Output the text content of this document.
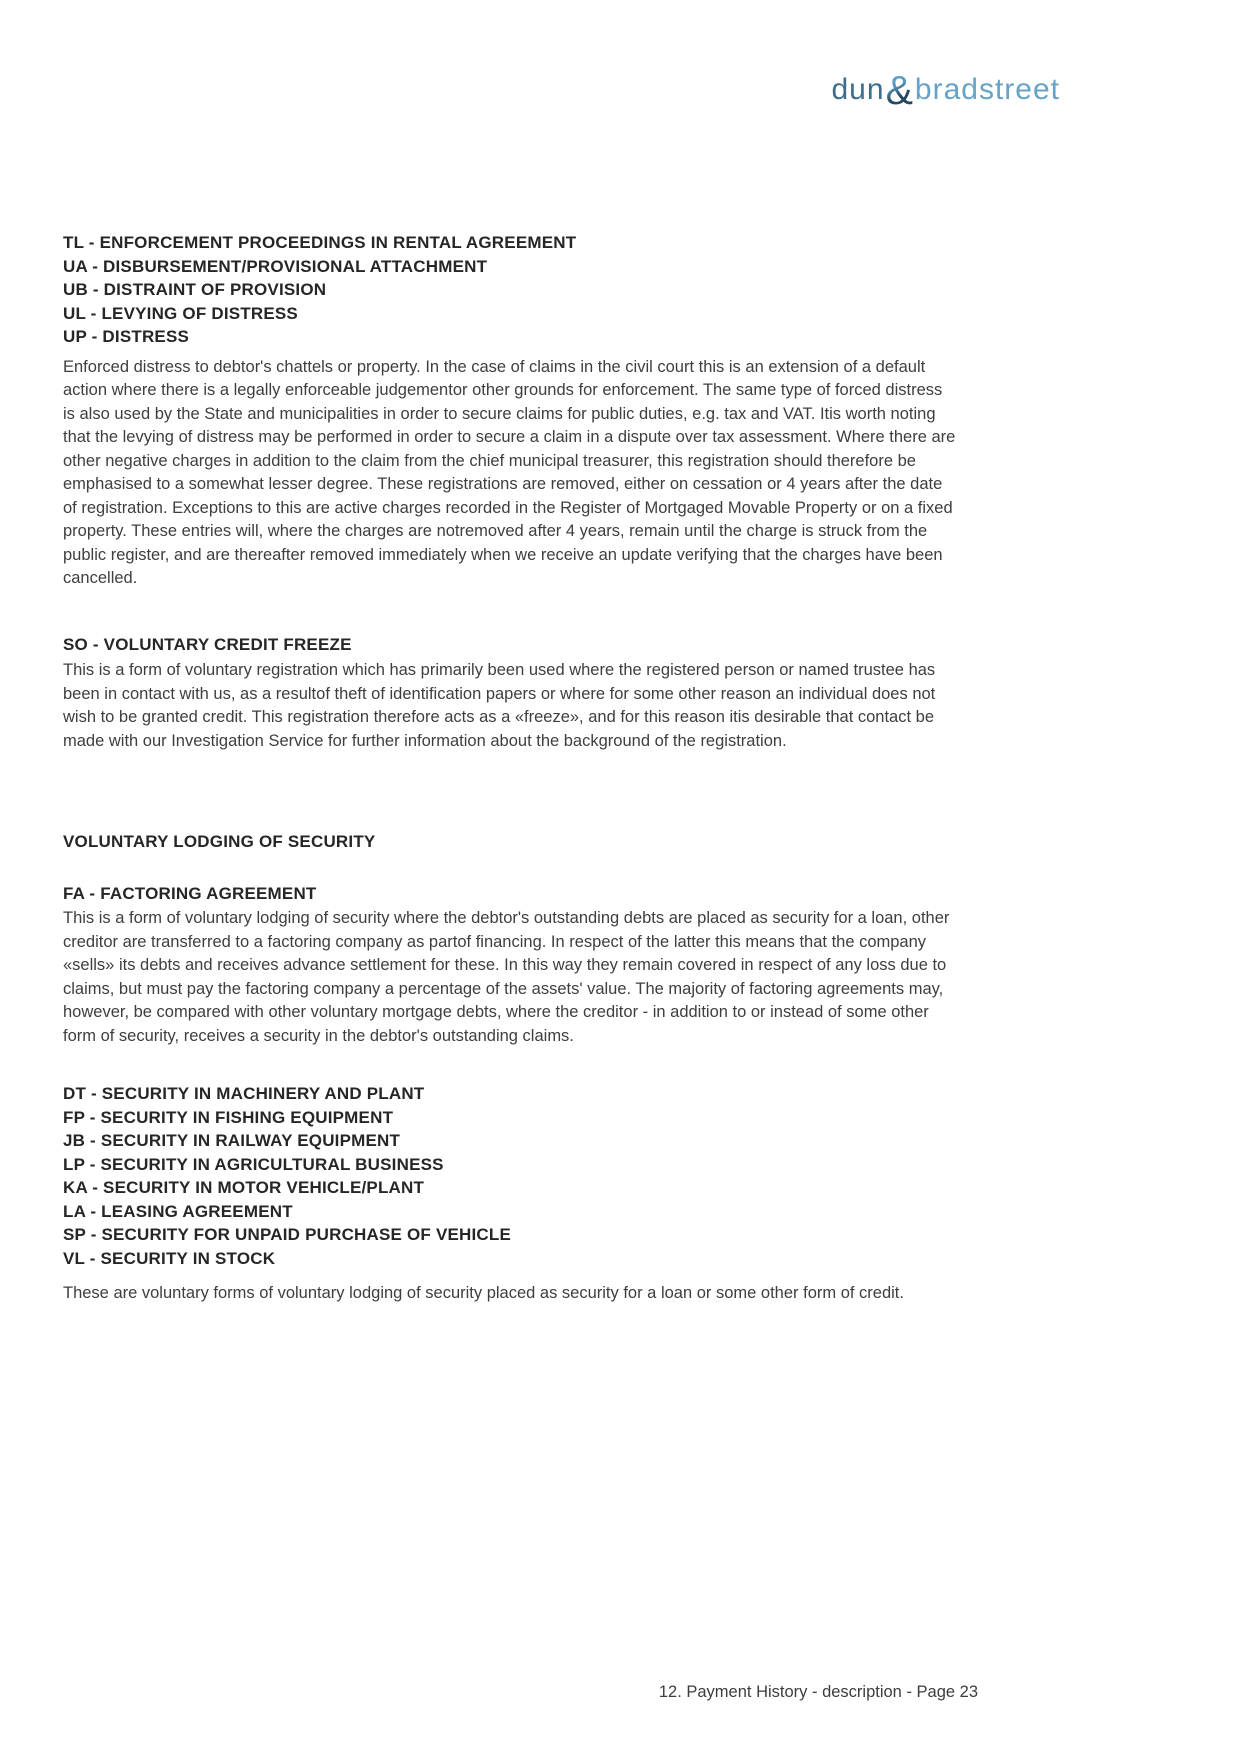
dun&bradstreet
TL - ENFORCEMENT PROCEEDINGS IN RENTAL AGREEMENT
UA - DISBURSEMENT/PROVISIONAL ATTACHMENT
UB - DISTRAINT OF PROVISION
UL - LEVYING OF DISTRESS
UP - DISTRESS

Enforced distress to debtor's chattels or property. In the case of claims in the civil court this is an extension of a default action where there is a legally enforceable judgementor other grounds for enforcement. The same type of forced distress is also used by the State and municipalities in order to secure claims for public duties, e.g. tax and VAT. Itis worth noting that the levying of distress may be performed in order to secure a claim in a dispute over tax assessment. Where there are other negative charges in addition to the claim from the chief municipal treasurer, this registration should therefore be emphasised to a somewhat lesser degree. These registrations are removed, either on cessation or 4 years after the date of registration. Exceptions to this are active charges recorded in the Register of Mortgaged Movable Property or on a fixed property. These entries will, where the charges are notremoved after 4 years, remain until the charge is struck from the public register, and are thereafter removed immediately when we receive an update verifying that the charges have been cancelled.

SO - VOLUNTARY CREDIT FREEZE

This is a form of voluntary registration which has primarily been used where the registered person or named trustee has been in contact with us, as a resultof theft of identification papers or where for some other reason an individual does not wish to be granted credit. This registration therefore acts as a «freeze», and for this reason itis desirable that contact be made with our Investigation Service for further information about the background of the registration.

VOLUNTARY LODGING OF SECURITY
FA - FACTORING AGREEMENT

This is a form of voluntary lodging of security where the debtor's outstanding debts are placed as security for a loan, other creditor are transferred to a factoring company as partof financing. In respect of the latter this means that the company «sells» its debts and receives advance settlement for these. In this way they remain covered in respect of any loss due to claims, but must pay the factoring company a percentage of the assets' value. The majority of factoring agreements may, however, be compared with other voluntary mortgage debts, where the creditor - in addition to or instead of some other form of security, receives a security in the debtor's outstanding claims.

DT - SECURITY IN MACHINERY AND PLANT
FP - SECURITY IN FISHING EQUIPMENT
JB - SECURITY IN RAILWAY EQUIPMENT
LP - SECURITY IN AGRICULTURAL BUSINESS
KA - SECURITY IN MOTOR VEHICLE/PLANT
LA - LEASING AGREEMENT
SP - SECURITY FOR UNPAID PURCHASE OF VEHICLE
VL - SECURITY IN STOCK

These are voluntary forms of voluntary lodging of security placed as security for a loan or some other form of credit.

12. Payment History - description - Page 23
